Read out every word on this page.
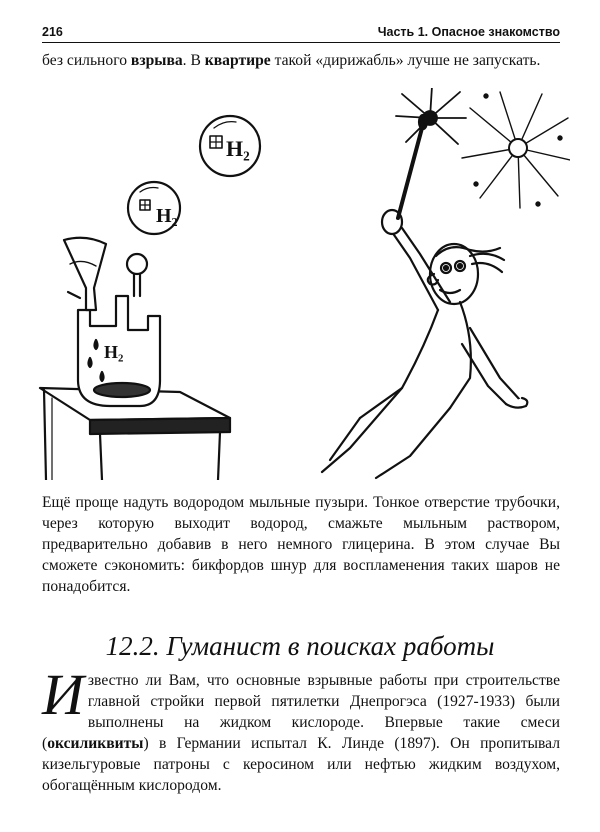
216	Часть 1. Опасное знакомство

без сильного взрыва. В квартире такой «дирижабль» лучше не запускать.

H₂
H₂
H₂

Ещё проще надуть водородом мыльные пузыри. Тонкое отверстие трубочки, через которую выходит водород, смажьте мыльным раствором, предварительно добавив в него немного глицерина. В этом случае Вы сможете сэкономить: бикфордов шнур для воспламенения таких шаров не понадобится.

12.2. Гуманист в поисках работы

Известно ли Вам, что основные взрывные работы при строительстве главной стройки первой пятилетки Днепрогэса (1927-1933) были выполнены на жидком кислороде. Впервые такие смеси (оксиликвиты) в Германии испытал К. Линде (1897). Он пропитывал кизельгуровые патроны с керосином или нефтью жидким воздухом, обогащённым кислородом.
